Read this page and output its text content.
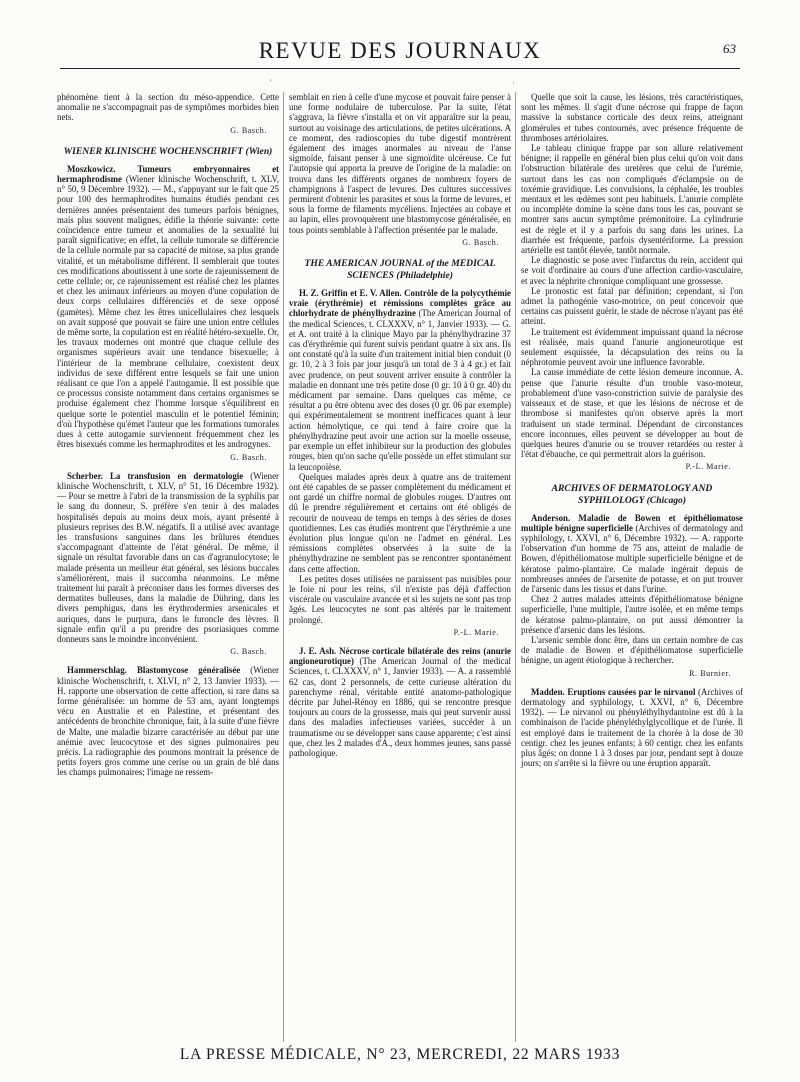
REVUE DES JOURNAUX	63
'	·

phénomène tient à la section du méso-appendice. Cette anomalie ne s'accompagnait pas de symptômes morbides bien nets.

G. Basch.
WIENER KLINISCHE WOCHENSCHRIFT (Wien)

Moszkowicz. Tumeurs embryonnaires et hermaphrodisme (Wiener klinische Wochenschrift, t. XLV, n° 50, 9 Décembre 1932). — M., s'appuyant sur le fait que 25 pour 100 des hermaphrodites humains étudiés pendant ces dernières années présentaient des tumeurs parfois bénignes, mais plus souvent malignes, édifie la théorie suivante: cette coïncidence entre tumeur et anomalies de la sexualité lui paraît significative; en effet, la cellule tumorale se différencie de la cellule normale par sa capacité de mitose, sa plus grande vitalité, et un métabolisme différent. Il semblerait que toutes ces modifications aboutissent à une sorte de rajeunissement de cette cellule; or, ce rajeunissement est réalisé chez les plantes et chez les animaux inférieurs au moyen d'une copulation de deux corps cellulaires différenciés et de sexe opposé (gamètes). Même chez les êtres unicellulaires chez lesquels on avait supposé que pouvait se faire une union entre cellules de même sorte, la copulation est en réalité hétéro-sexuelle. Or, les travaux modernes ont montré que chaque cellule des organismes supérieurs avait une tendance bisexuelle; à l'intérieur de la membrane cellulaire, coexistent deux individus de sexe différent entre lesquels se fait une union réalisant ce que l'on a appelé l'autogamie. Il est possible que ce processus consiste notamment dans certains organismes se produise également chez l'homme lorsque s'équilibrent en quelque sorte le potentiel masculin et le potentiel féminin; d'où l'hypothèse qu'émet l'auteur que les formations tumorales dues à cette autogamie surviennent fréquemment chez les êtres bisexués comme les hermaphrodites et les androgynes.

G. Basch.

Scherber. La transfusion en dermatologie (Wiener klinische Wochenschrift, t. XLV, n° 51, 16 Décembre 1932). — Pour se mettre à l'abri de la transmission de la syphilis par le sang du donneur, S. préfère s'en tenir à des malades hospitalisés depuis au moins deux mois, ayant présenté à plusieurs reprises des B.W. négatifs. Il a utilisé avec avantage les transfusions sanguines dans les brûlures étendues s'accompagnant d'atteinte de l'état général. De même, il signale un résultat favorable dans un cas d'agranulocytose; le malade présenta un meilleur état général, ses lésions buccales s'améliorèrent, mais il succomba néanmoins. Le même traitement lui paraît à préconiser dans les formes diverses des dermatites bulleuses, dans la maladie de Dühring, dans les divers pemphigus, dans les érythrodermies arsenicales et auriques, dans le purpura, dans le furoncle des lèvres. Il signale enfin qu'il a pu prendre des psoriasiques comme donneurs sans le moindre inconvénient.

G. Basch.

Hammerschlag. Blastomycose généralisée (Wiener klinische Wochenschrift, t. XLVI, n° 2, 13 Janvier 1933). — H. rapporte une observation de cette affection, si rare dans sa forme généralisée: un homme de 53 ans, ayant longtemps vécu en Australie et en Palestine, et présentant des antécédents de bronchite chronique, fait, à la suite d'une fièvre de Malte, une maladie bizarre caractérisée au début par une anémie avec leucocytose et des signes pulmonaires peu précis. La radiographie des poumons montrait la présence de petits foyers gros comme une cerise ou un grain de blé dans les champs pulmonaires; l'image ne ressem-

semblait en rien à celle d'une mycose et pouvait faire penser à une forme nodulaire de tuberculose. Par la suite, l'état s'aggrava, la fièvre s'installa et on vit apparaître sur la peau, surtout au voisinage des articulations, de petites ulcérations. A ce moment, des radioscopies du tube digestif montrèrent également des images anormales au niveau de l'anse sigmoïde, faisant penser à une sigmoïdite ulcéreuse. Ce fut l'autopsie qui apporta la preuve de l'origine de la maladie: on trouva dans les différents organes de nombreux foyers de champignons à l'aspect de levures. Des cultures successives permirent d'obtenir les parasites et sous la forme de levures, et sous la forme de filaments mycéliens. Injectées au cobaye et au lapin, elles provoquèrent une blastomycose généralisée, en tous points semblable à l'affection présentée par le malade.

G. Basch.
THE AMERICAN JOURNAL of the MEDICAL SCIENCES (Philadelphie)

H. Z. Griffin et E. V. Allen. Contrôle de la polycythémie vraie (érythrémie) et rémissions complètes grâce au chlorhydrate de phénylhydrazine (The American Journal of the medical Sciences, t. CLXXXV, n° 1, Janvier 1933). — G. et A. ont traité à la clinique Mayo par la phénylhydrazine 37 cas d'érythrémie qui furent suivis pendant quatre à six ans. Ils ont constaté qu'à la suite d'un traitement initial bien conduit (0 gr. 10, 2 à 3 fois par jour jusqu'à un total de 3 à 4 gr.) et fait avec prudence, on peut souvent arriver ensuite à contrôler la maladie en donnant une très petite dose (0 gr. 10 à 0 gr. 40) du médicament par semaine. Dans quelques cas même, ce résultat a pu être obtenu avec des doses (0 gr. 06 par exemple) qui expérimentalement se montrent inefficaces quant à leur action hémolytique, ce qui tend à faire croire que la phénylhydrazine peut avoir une action sur la moelle osseuse, par exemple un effet inhibiteur sur la production des globules rouges, bien qu'on sache qu'elle possède un effet stimulant sur la leucopoïèse.

Quelques malades après deux à quatre ans de traitement ont été capables de se passer complètement du médicament et ont gardé un chiffre normal de globules rouges. D'autres ont dû le prendre régulièrement et certains ont été obligés de recourir de nouveau de temps en temps à des séries de doses quotidiennes. Les cas étudiés montrent que l'érythrémie a une évolution plus longue qu'on ne l'admet en général. Les rémissions complètes observées à la suite de la phénylhydrazine ne semblent pas se rencontrer spontanément dans cette affection.

Les petites doses utilisées ne paraissent pas nuisibles pour le foie ni pour les reins, s'il n'existe pas déjà d'affection viscérale ou vasculaire avancée et si les sujets ne sont pas trop âgés. Les leucocytes ne sont pas altérés par le traitement prolongé.

P.-L. Marie.

J. E. Ash. Nécrose corticale bilatérale des reins (anurie angioneurotique) (The American Journal of the medical Sciences, t. CLXXXV, n° 1, Janvier 1933). — A. a rassemblé 62 cas, dont 2 personnels, de cette curieuse altération du parenchyme rénal, véritable entité anatomo-pathologique décrite par Juhel-Rénoy en 1886, qui se rencontre presque toujours au cours de la grossesse, mais qui peut survenir aussi dans des maladies infectieuses variées, succéder à un traumatisme ou se développer sans cause apparente; c'est ainsi que, chez les 2 malades d'A., deux hommes jeunes, sans passé pathologique.

Quelle que soit la cause, les lésions, très caractéristiques, sont les mêmes. Il s'agit d'une nécrose qui frappe de façon massive la substance corticale des deux reins, atteignant glomérules et tubes contournés, avec présence fréquente de thromboses artériolaires.

Le tableau clinique frappe par son allure relativement bénigne; il rappelle en général bien plus celui qu'on voit dans l'obstruction bilatérale des uretères que celui de l'urémie, surtout dans les cas non compliqués d'éclampsie ou de toxémie gravidique. Les convulsions, la céphalée, les troubles mentaux et les œdèmes sont peu habituels. L'anurie complète ou incomplète domine la scène dans tous les cas, pouvant se montrer sans aucun symptôme prémonitoire. La cylindrurie est de règle et il y a parfois du sang dans les urines. La diarrhée est fréquente, parfois dysentériforme. La pression artérielle est tantôt élevée, tantôt normale.

Le diagnostic se pose avec l'infarctus du rein, accident qui se voit d'ordinaire au cours d'une affection cardio-vasculaire, et avec la néphrite chronique compliquant une grossesse.

Le pronostic est fatal par définition; cependant, si l'on admet la pathogénie vaso-motrice, on peut concevoir que certains cas puissent guérir, le stade de nécrose n'ayant pas été atteint.

Le traitement est évidemment impuissant quand la nécrose est réalisée, mais quand l'anurie angioneurotique est seulement esquissée, la décapsulation des reins ou la néphrotomie peuvent avoir une influence favorable.

La cause immédiate de cette lésion demeure inconnue. A. pense que l'anurie résulte d'un trouble vaso-moteur, probablement d'une vaso-constriction suivie de paralysie des vaisseaux et de stase, et que les lésions de nécrose et de thrombose si manifestes qu'on observe après la mort traduisent un stade terminal. Dépendant de circonstances encore inconnues, elles peuvent se développer au bout de quelques heures d'anurie ou se trouver retardées ou rester à l'état d'ébauche, ce qui permettrait alors la guérison.

P.-L. Marie.
ARCHIVES OF DERMATOLOGY AND SYPHILOLOGY (Chicago)

Anderson. Maladie de Bowen et épithéliomatose multiple bénigne superficielle (Archives of dermatology and syphilology, t. XXVI, n° 6, Décembre 1932). — A. rapporte l'observation d'un homme de 75 ans, atteint de maladie de Bowen, d'épithéliomatose multiple superficielle bénigne et de kératose palmo-plantaire. Ce malade ingérait depuis de nombreuses années de l'arsenite de potasse, et on put trouver de l'arsenic dans les tissus et dans l'urine.

Chez 2 autres malades atteints d'épithéliomatose bénigne superficielle, l'une multiple, l'autre isolée, et en même temps de kératose palmo-plantaire, on put aussi démontrer la présence d'arsenic dans les lésions.

L'arsenic semble donc être, dans un certain nombre de cas de maladie de Bowen et d'épithéliomatose superficielle bénigne, un agent étiologique à rechercher.

R. Burnier.

Madden. Eruptions causées par le nirvanol (Archives of dermatology and syphilology, t. XXVI, n° 6, Décembre 1932). — Le nirvanol ou phényléthylhydantoïne est dû à la combinaison de l'acide phényléthylglycollique et de l'urée. Il est employé dans le traitement de la chorée à la dose de 30 centigr. chez les jeunes enfants; à 60 centigr. chez les enfants plus âgés; on donne 1 à 3 doses par jour, pendant sept à douze jours; on s'arrête si la fièvre ou une éruption apparaît.

LA PRESSE MÉDICALE, N° 23, MERCREDI, 22 MARS 1933
